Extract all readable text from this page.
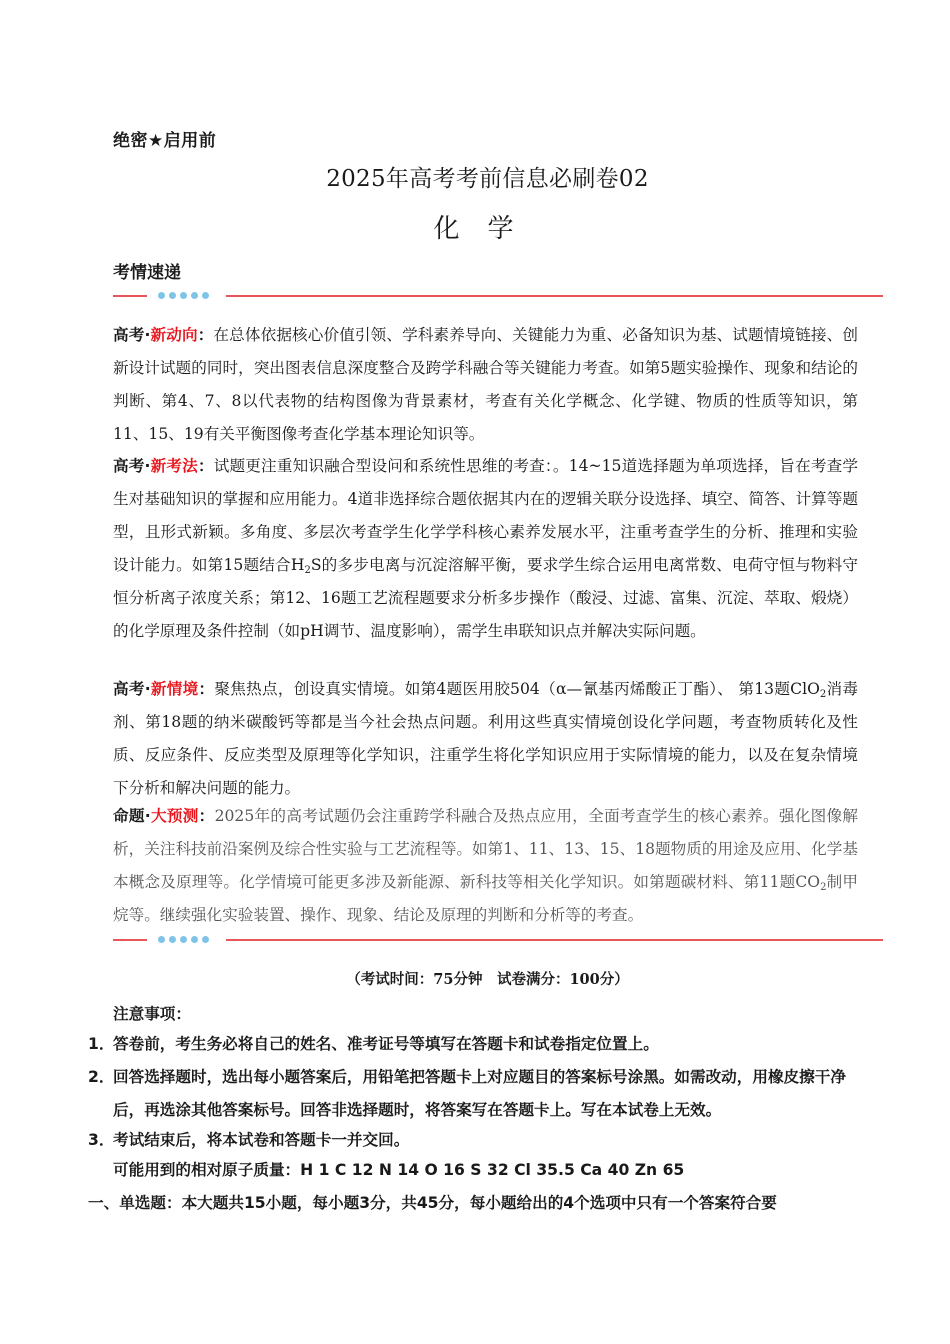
绝密★启用前
2025年高考考前信息必刷卷02
化学
考情速递
高考·新动向：在总体依据核心价值引领、学科素养导向、关键能力为重、必备知识为基、试题情境链接、创新设计试题的同时，突出图表信息深度整合及跨学科融合等关键能力考查。如第5题实验操作、现象和结论的判断、第4、7、8以代表物的结构图像为背景素材，考查有关化学概念、化学键、物质的性质等知识，第11、15、19有关平衡图像考查化学基本理论知识等。
高考·新考法：试题更注重知识融合型设问和系统性思维的考查：。14~15道选择题为单项选择，旨在考查学生对基础知识的掌握和应用能力。4道非选择综合题依据其内在的逻辑关联分设选择、填空、简答、计算等题型，且形式新颖。多角度、多层次考查学生化学学科核心素养发展水平，注重考查学生的分析、推理和实验设计能力。如第15题结合$H_2S$的多步电离与沉淀溶解平衡，要求学生综合运用电离常数、电荷守恒与物料守恒分析离子浓度关系；第12、16题工艺流程题要求分析多步操作（酸浸、过滤、富集、沉淀、萃取、煅烧）的化学原理及条件控制（如pH调节、温度影响），需学生串联知识点并解决实际问题。
高考·新情境：聚焦热点，创设真实情境。如第4题医用胶504（α—氰基丙烯酸正丁酯）、 第13题ClO$_2$消毒剂、第18题的纳米碳酸钙等都是当今社会热点问题。利用这些真实情境创设化学问题，考查物质转化及性质、反应条件、反应类型及原理等化学知识，注重学生将化学知识应用于实际情境的能力，以及在复杂情境下分析和解决问题的能力。
命题·大预测：2025年的高考试题仍会注重跨学科融合及热点应用，全面考查学生的核心素养。强化图像解析，关注科技前沿案例及综合性实验与工艺流程等。如第1、11、13、15、18题物质的用途及应用、化学基本概念及原理等。化学情境可能更多涉及新能源、新科技等相关化学知识。如第题碳材料、第11题$CO_2$制甲烷等。继续强化实验装置、操作、现象、结论及原理的判断和分析等的考查。
（考试时间：75分钟　试卷满分：100分）
注意事项：
1．答卷前，考生务必将自己的姓名、准考证号等填写在答题卡和试卷指定位置上。
2．
回答选择题时，选出每小题答案后，用铅笔把答题卡上对应题目的答案标号涂黑。如需改动，用橡皮擦干净后，再选涂其他答案标号。回答非选择题时，将答案写在答题卡上。写在本试卷上无效。
3．考试结束后，将本试卷和答题卡一并交回。
可能用到的相对原子质量：H 1 C 12 N 14 O 16 S 32 Cl 35.5 Ca 40 Zn 65
一、单选题：本大题共15小题，每小题3分，共45分，每小题给出的4个选项中只有一个答案符合要
